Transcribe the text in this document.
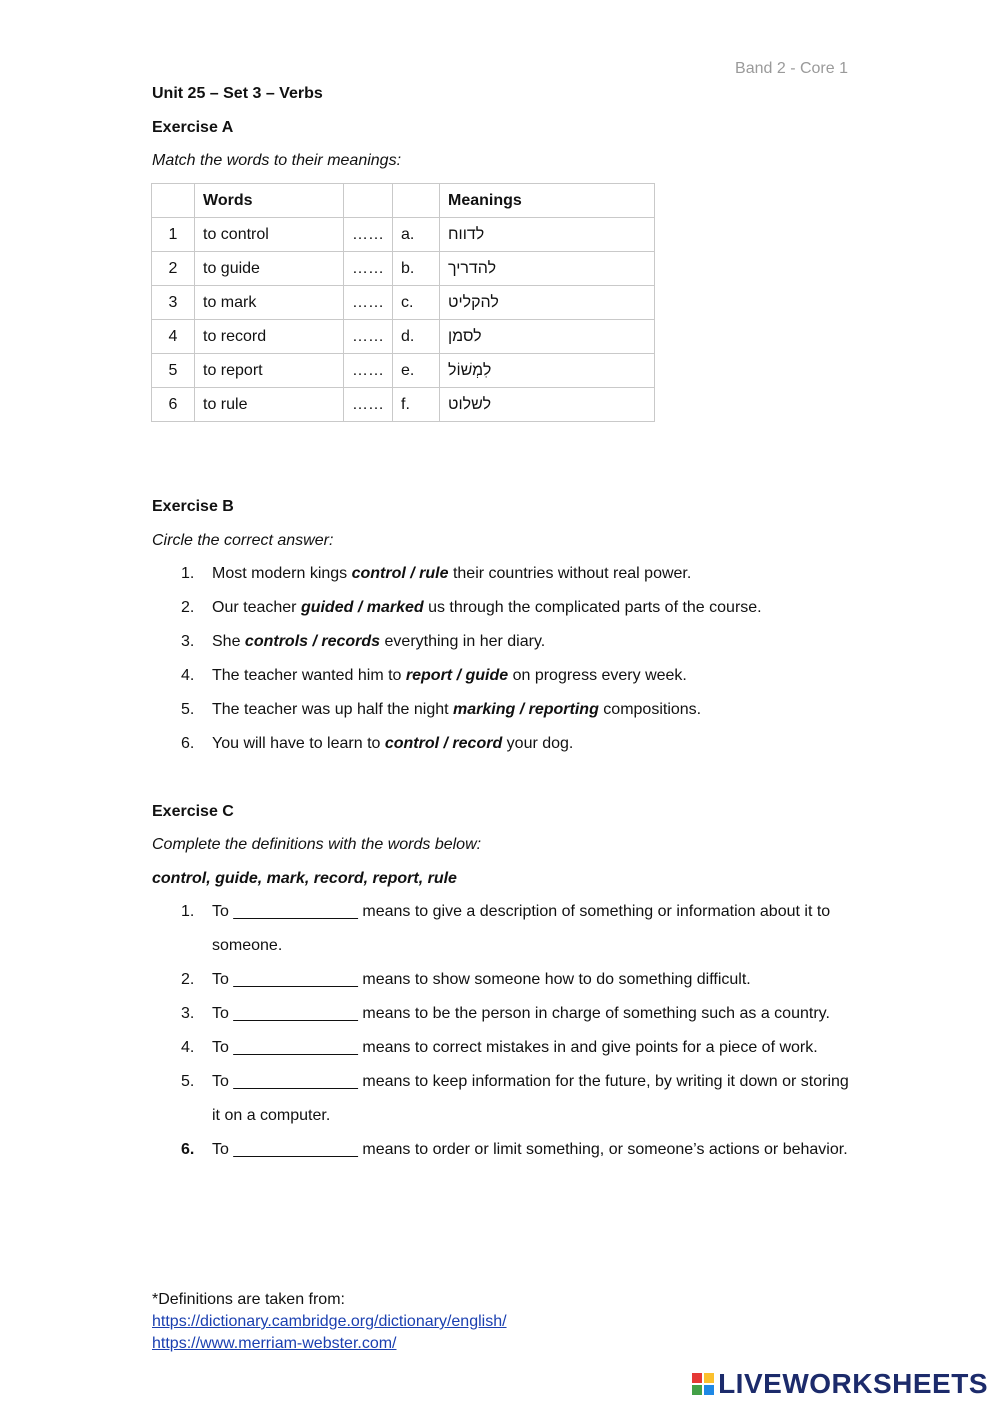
Band 2 - Core 1
Unit 25 – Set 3 – Verbs
Exercise A
Match the words to their meanings:
	Words			Meanings
1	to control	……	a.	לדווח
2	to guide	……	b.	להדריך
3	to mark	……	c.	להקליט
4	to record	……	d.	לסמן
5	to report	……	e.	לִמְשׁוֹל
6	to rule	……	f.	לשלוט
Exercise B
Circle the correct answer:
1. Most modern kings control / rule their countries without real power.
2. Our teacher guided / marked us through the complicated parts of the course.
3. She controls / records everything in her diary.
4. The teacher wanted him to report / guide on progress every week.
5. The teacher was up half the night marking / reporting compositions.
6. You will have to learn to control / record your dog.
Exercise C
Complete the definitions with the words below:
control, guide, mark, record, report, rule
1. To ______________ means to give a description of something or information about it to someone.
2. To ______________ means to show someone how to do something difficult.
3. To ______________ means to be the person in charge of something such as a country.
4. To ______________ means to correct mistakes in and give points for a piece of work.
5. To ______________ means to keep information for the future, by writing it down or storing it on a computer.
6. To ______________ means to order or limit something, or someone’s actions or behavior.
*Definitions are taken from:
https://dictionary.cambridge.org/dictionary/english/
https://www.merriam-webster.com/
LIVEWORKSHEETS
